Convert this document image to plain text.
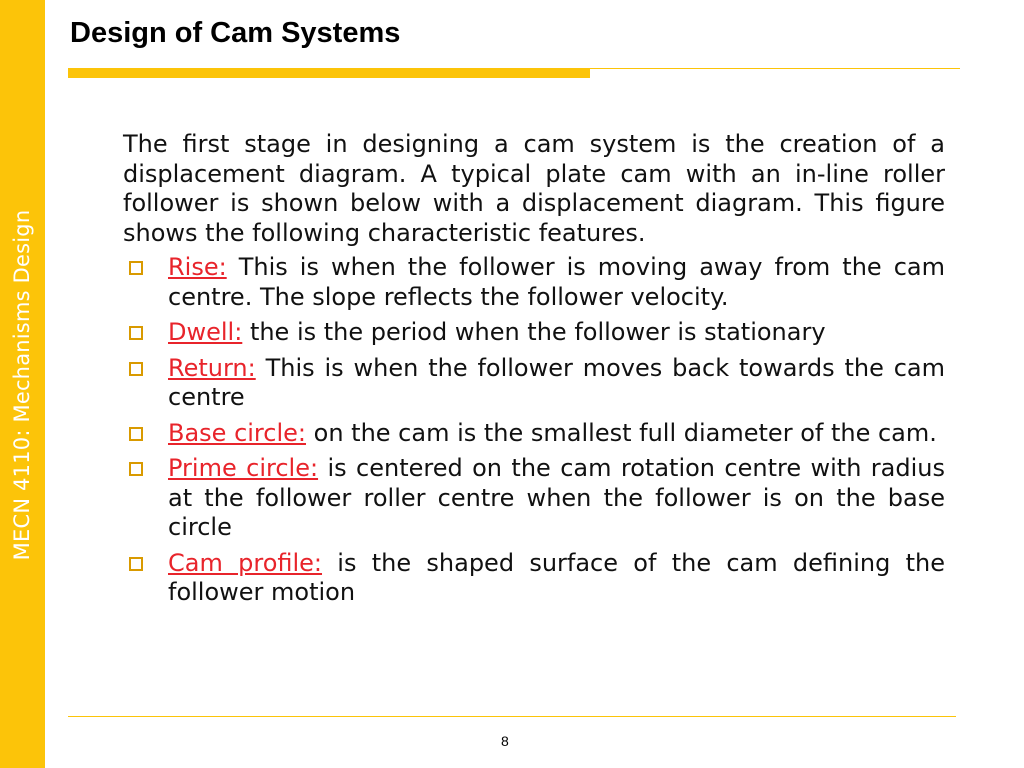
MECN 4110: Mechanisms Design
Design of Cam Systems
The first stage in designing a cam system is the creation of a displacement diagram. A typical plate cam with an in-line roller follower is shown below with a displacement diagram. This figure shows the following characteristic features.
Rise: This is when the follower is moving away from the cam centre. The slope reflects the follower velocity.
Dwell: the is the period when the follower is stationary
Return: This is when the follower moves back towards the cam centre
Base circle: on the cam is the smallest full diameter of the cam.
Prime circle: is centered on the cam rotation centre with radius at the follower roller centre when the follower is on the base circle
Cam profile: is the shaped surface of the cam defining the follower motion
8
